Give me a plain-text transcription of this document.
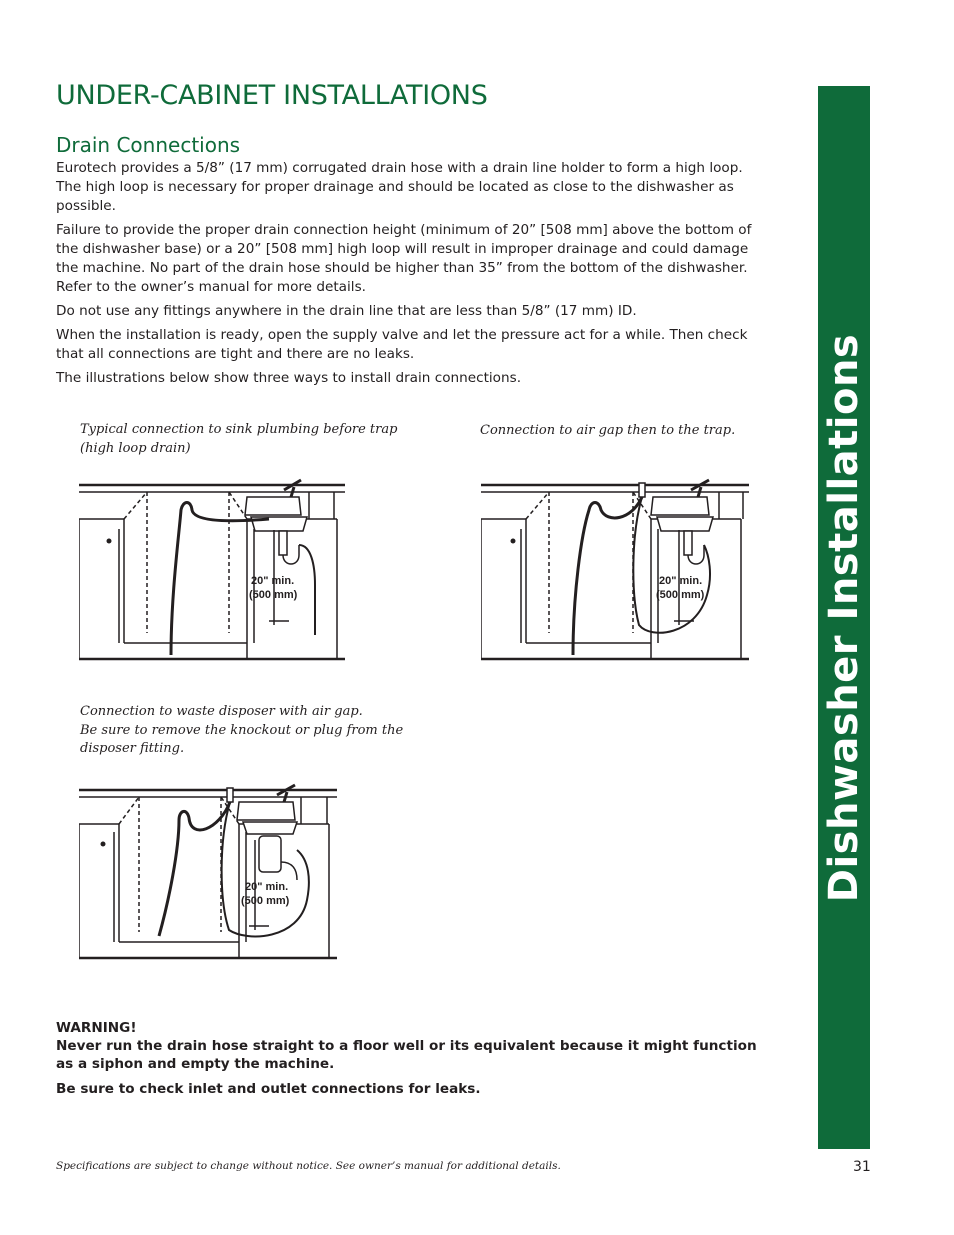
UNDER-CABINET INSTALLATIONS
Drain Connections

Eurotech provides a 5/8” (17 mm) corrugated drain hose with a drain line holder to form a high loop. The high loop is necessary for proper drainage and should be located as close to the dishwasher as possible.

Failure to provide the proper drain connection height (minimum of 20” [508 mm] above the bottom of the dishwasher base) or a 20” [508 mm] high loop will result in improper drainage and could damage the machine. No part of the drain hose should be higher than 35” from the bottom of the dishwasher. Refer to the owner’s manual for more details.

Do not use any fittings anywhere in the drain line that are less than 5/8” (17 mm) ID.

When the installation is ready, open the supply valve and let the pressure act for a while. Then check that all connections are tight and there are no leaks.

The illustrations below show three ways to install drain connections.

Typical connection to sink plumbing before trap (high loop drain)
20" min.
(500 mm)
Connection to air gap then to the trap.
20" min.
(500 mm)
Connection to waste disposer with air gap.
Be sure to remove the knockout or plug from the
disposer fitting.
20" min.
(500 mm)
WARNING!

Never run the drain hose straight to a floor well or its equivalent because it might function as a siphon and empty the machine.

Be sure to check inlet and outlet connections for leaks.

Specifications are subject to change without notice. See owner’s manual for additional details.	31
Dishwasher Installations
